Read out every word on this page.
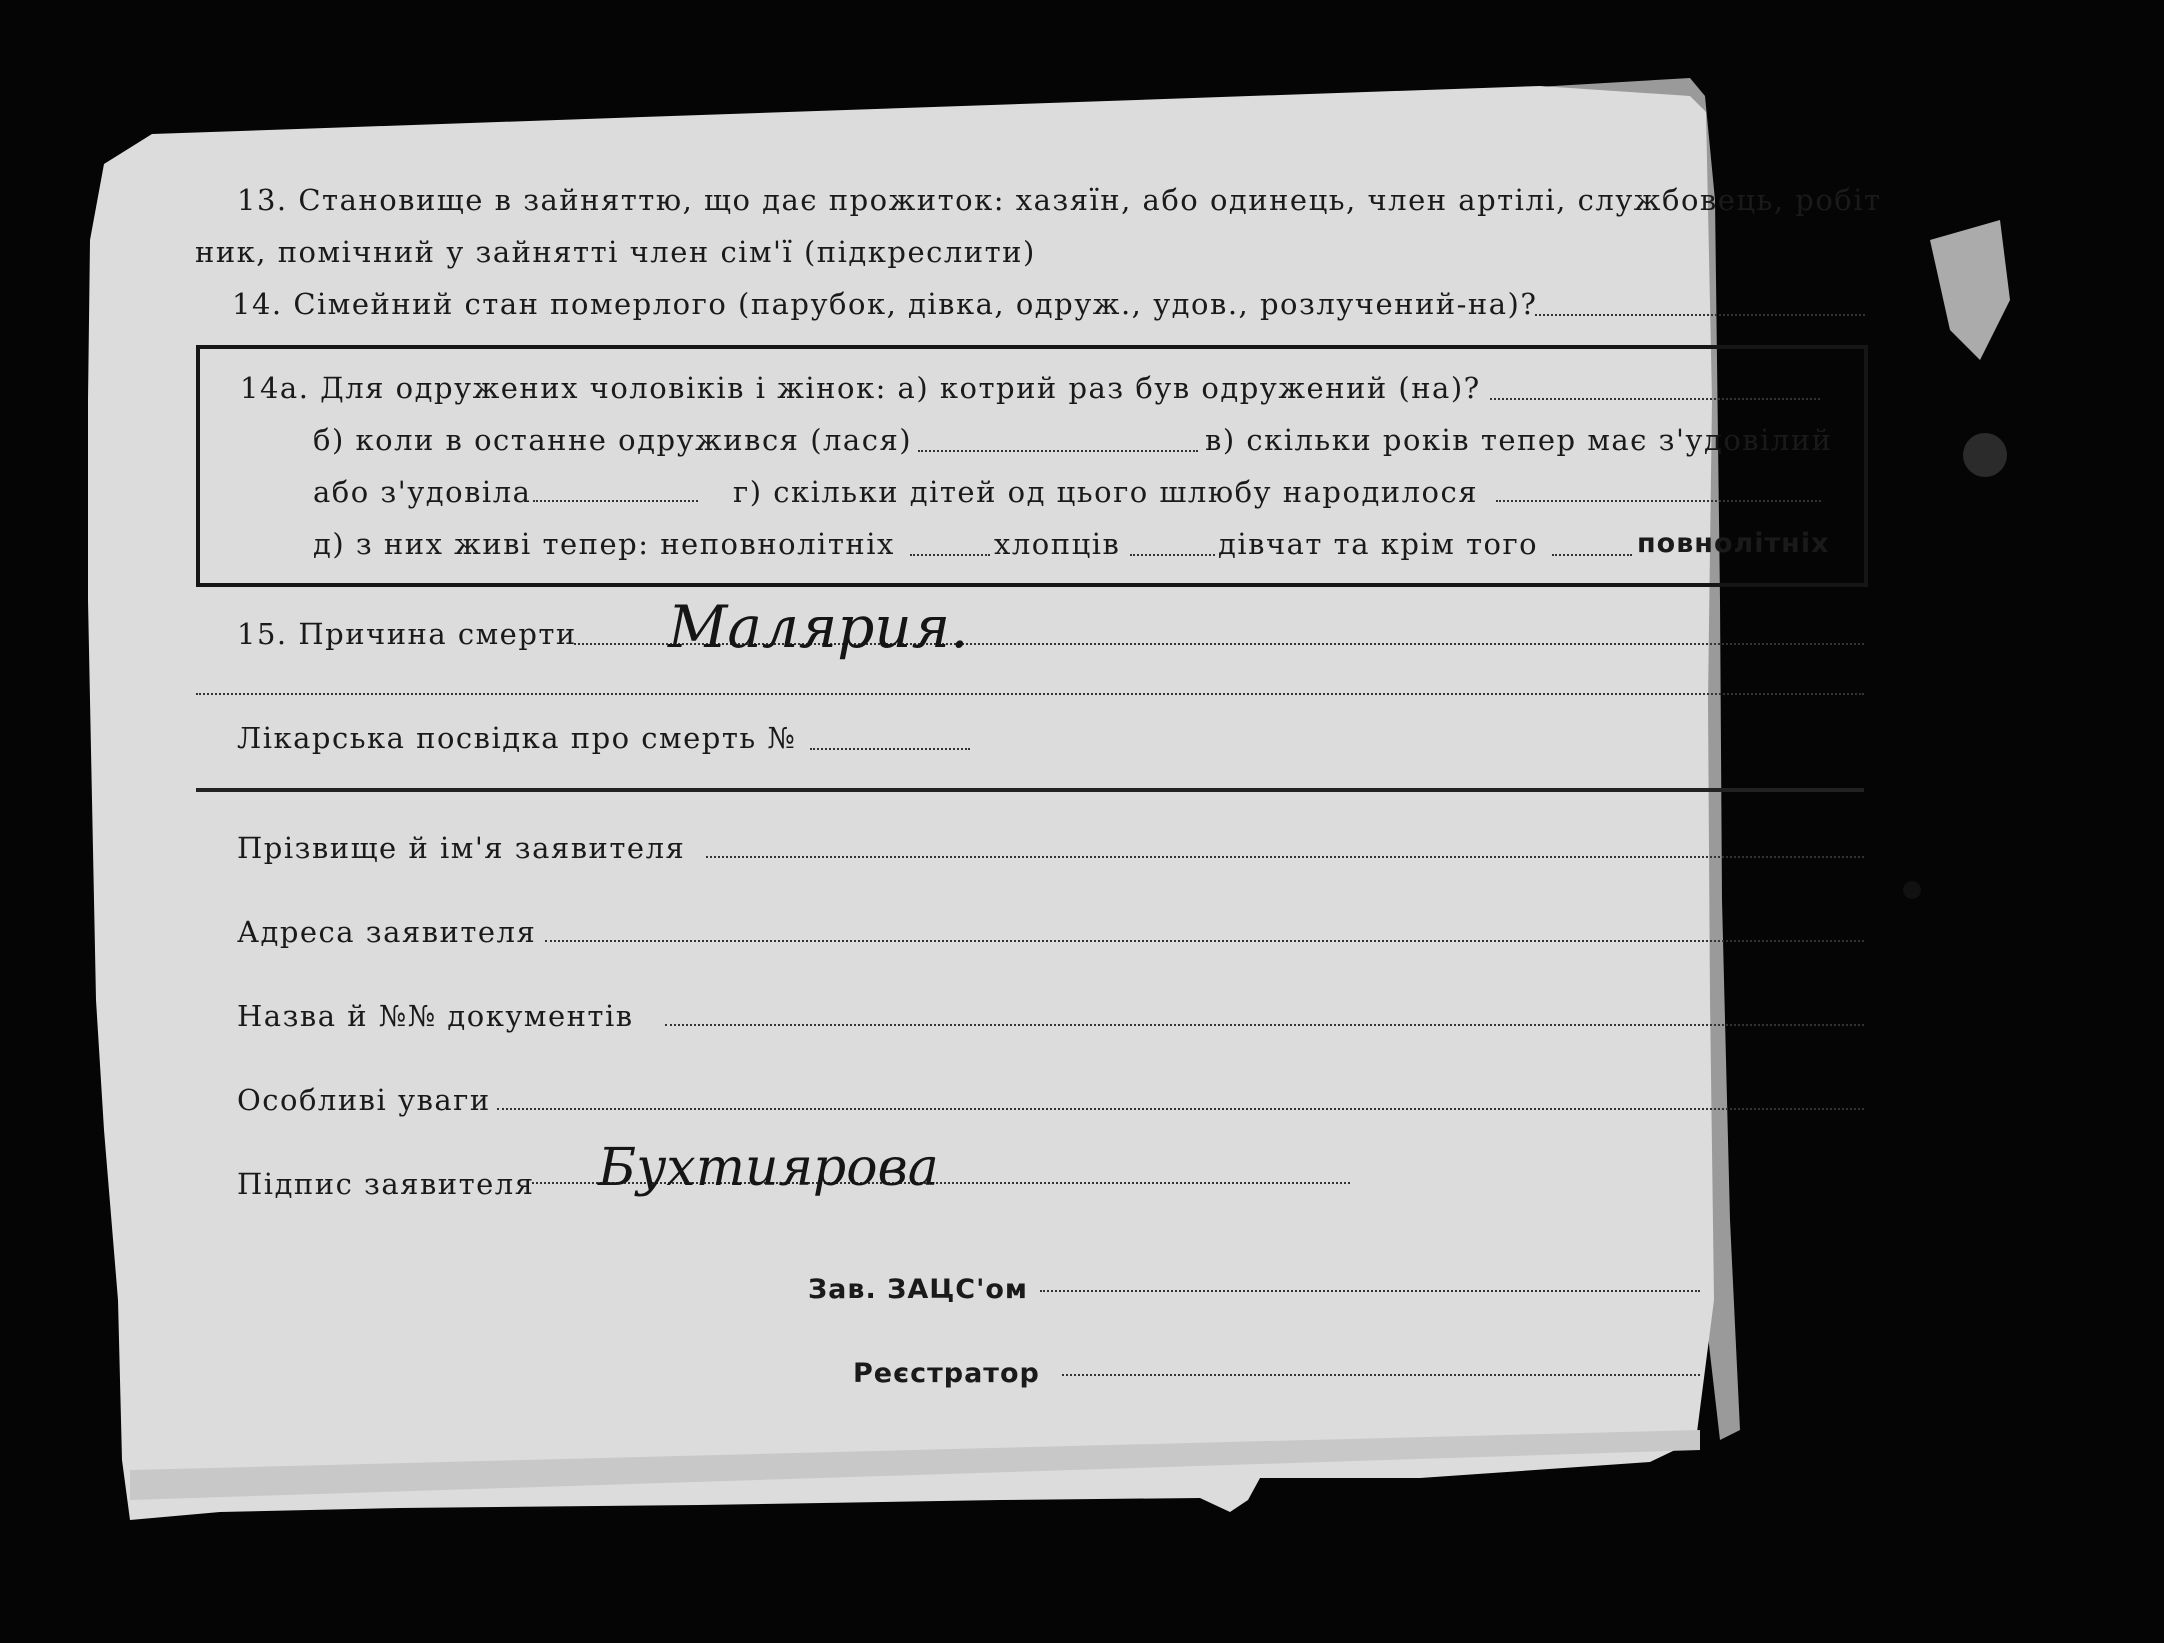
13. Становище в зайняттю, що дає прожиток: хазяїн, або одинець, член артілі, службовець, робіт
ник, помічний у зайнятті член сім'ї (підкреслити)
14. Сімейний стан померлого (парубок, дівка, одруж., удов., розлучений-на)?
14а. Для одружених чоловіків і жінок: а) котрий раз був одружений (на)?
б) коли в останне одружився (лася)	в) скільки років тепер має з'удовілий
або з'удовіла	г) скільки дітей од цього шлюбу народилося
д) з них живі тепер: неповнолітніх	хлопців	дівчат та крім того	повнолітніх
15. Причина смерти Малярия.
Лікарська посвідка про смерть №
Прізвище й ім'я заявителя
Адреса заявителя
Назва й №№ документів
Особливі уваги
Підпис заявителя Бухтиярова
Зав. ЗАЦС'ом
Реєстратор
